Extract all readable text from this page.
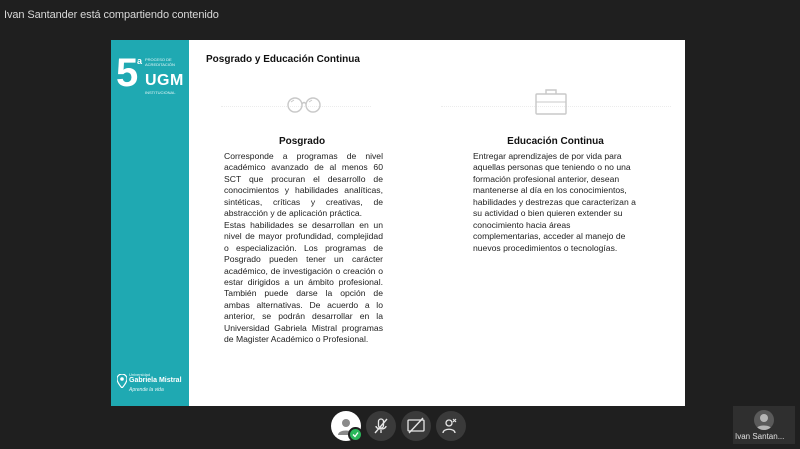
Ivan Santander está compartiendo contenido
5
a PROCESO DE ACREDITACIÓN
UGM
INSTITUCIONAL
Universidad
Gabriela Mistral
Aprende la vida
Posgrado y Educación Continua
Posgrado

Corresponde a programas de nivel académico avanzado de al menos 60 SCT que procuran el desarrollo de conocimientos y habilidades analíticas, sintéticas, críticas y creativas, de abstracción y de aplicación práctica.

Estas habilidades se desarrollan en un nivel de mayor profundidad, complejidad o especialización. Los programas de Posgrado pueden tener un carácter académico, de investigación o creación o estar dirigidos a un ámbito profesional. También puede darse la opción de ambas alternativas. De acuerdo a lo anterior, se podrán desarrollar en la Universidad Gabriela Mistral programas de Magister Académico o Profesional.

Educación Continua

Entregar aprendizajes de por vida para aquellas personas que teniendo o no una formación profesional anterior, desean mantenerse al día en los conocimientos, habilidades y destrezas que caracterizan a su actividad o bien quieren extender su conocimiento hacia áreas complementarias, acceder al manejo de nuevos procedimientos o tecnologías.

Ivan Santan...
